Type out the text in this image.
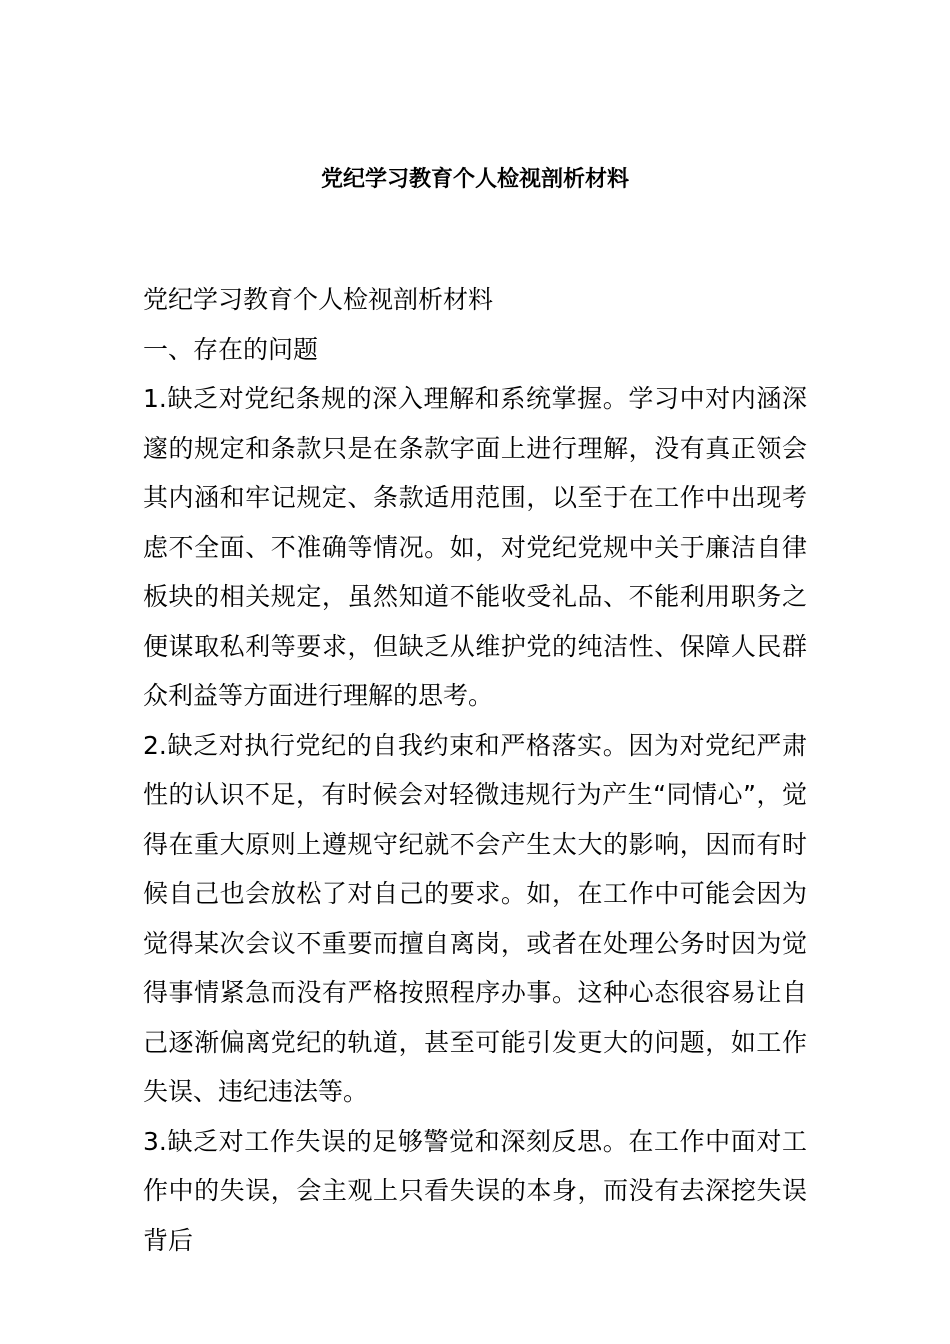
党纪学习教育个人检视剖析材料

党纪学习教育个人检视剖析材料

一、存在的问题

1.缺乏对党纪条规的深入理解和系统掌握。学习中对内涵深邃的规定和条款只是在条款字面上进行理解，没有真正领会其内涵和牢记规定、条款适用范围，以至于在工作中出现考虑不全面、不准确等情况。如，对党纪党规中关于廉洁自律板块的相关规定，虽然知道不能收受礼品、不能利用职务之便谋取私利等要求，但缺乏从维护党的纯洁性、保障人民群众利益等方面进行理解的思考。

2.缺乏对执行党纪的自我约束和严格落实。因为对党纪严肃性的认识不足，有时候会对轻微违规行为产生“同情心”，觉得在重大原则上遵规守纪就不会产生太大的影响，因而有时候自己也会放松了对自己的要求。如，在工作中可能会因为觉得某次会议不重要而擅自离岗，或者在处理公务时因为觉得事情紧急而没有严格按照程序办事。这种心态很容易让自己逐渐偏离党纪的轨道，甚至可能引发更大的问题，如工作失误、违纪违法等。

3.缺乏对工作失误的足够警觉和深刻反思。在工作中面对工作中的失误，会主观上只看失误的本身，而没有去深挖失误背后
